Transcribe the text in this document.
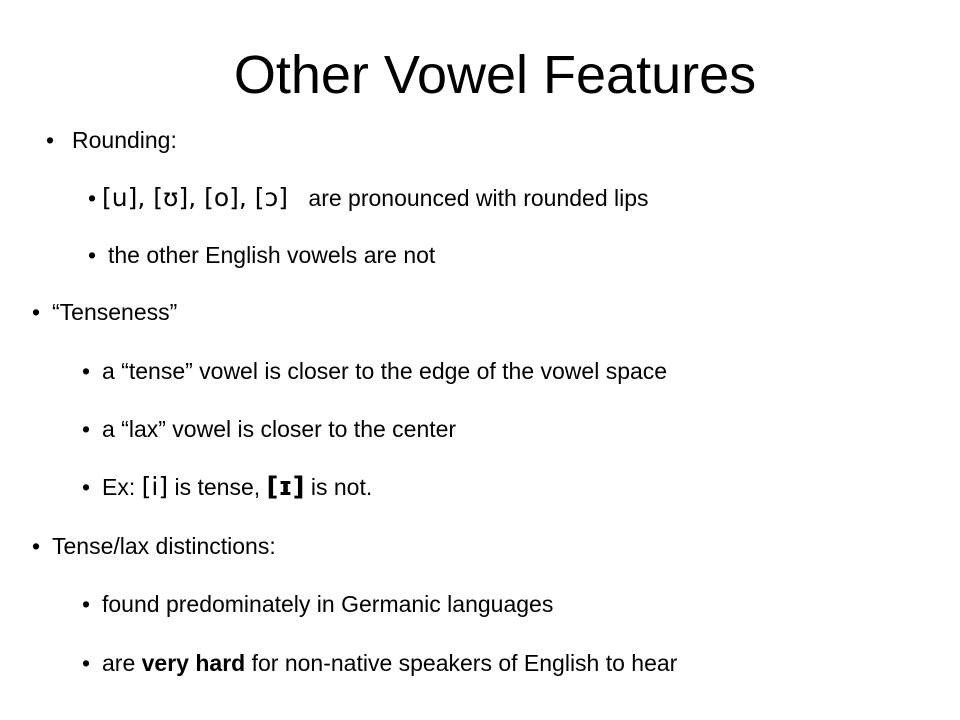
Other Vowel Features
• Rounding:
• [u], [ʊ], [o], [ɔ] are pronounced with rounded lips
• the other English vowels are not
• “Tenseness”
• a “tense” vowel is closer to the edge of the vowel space
• a “lax” vowel is closer to the center
• Ex: [i] is tense, [ɪ] is not.
• Tense/lax distinctions:
• found predominately in Germanic languages
• are very hard for non-native speakers of English to hear
